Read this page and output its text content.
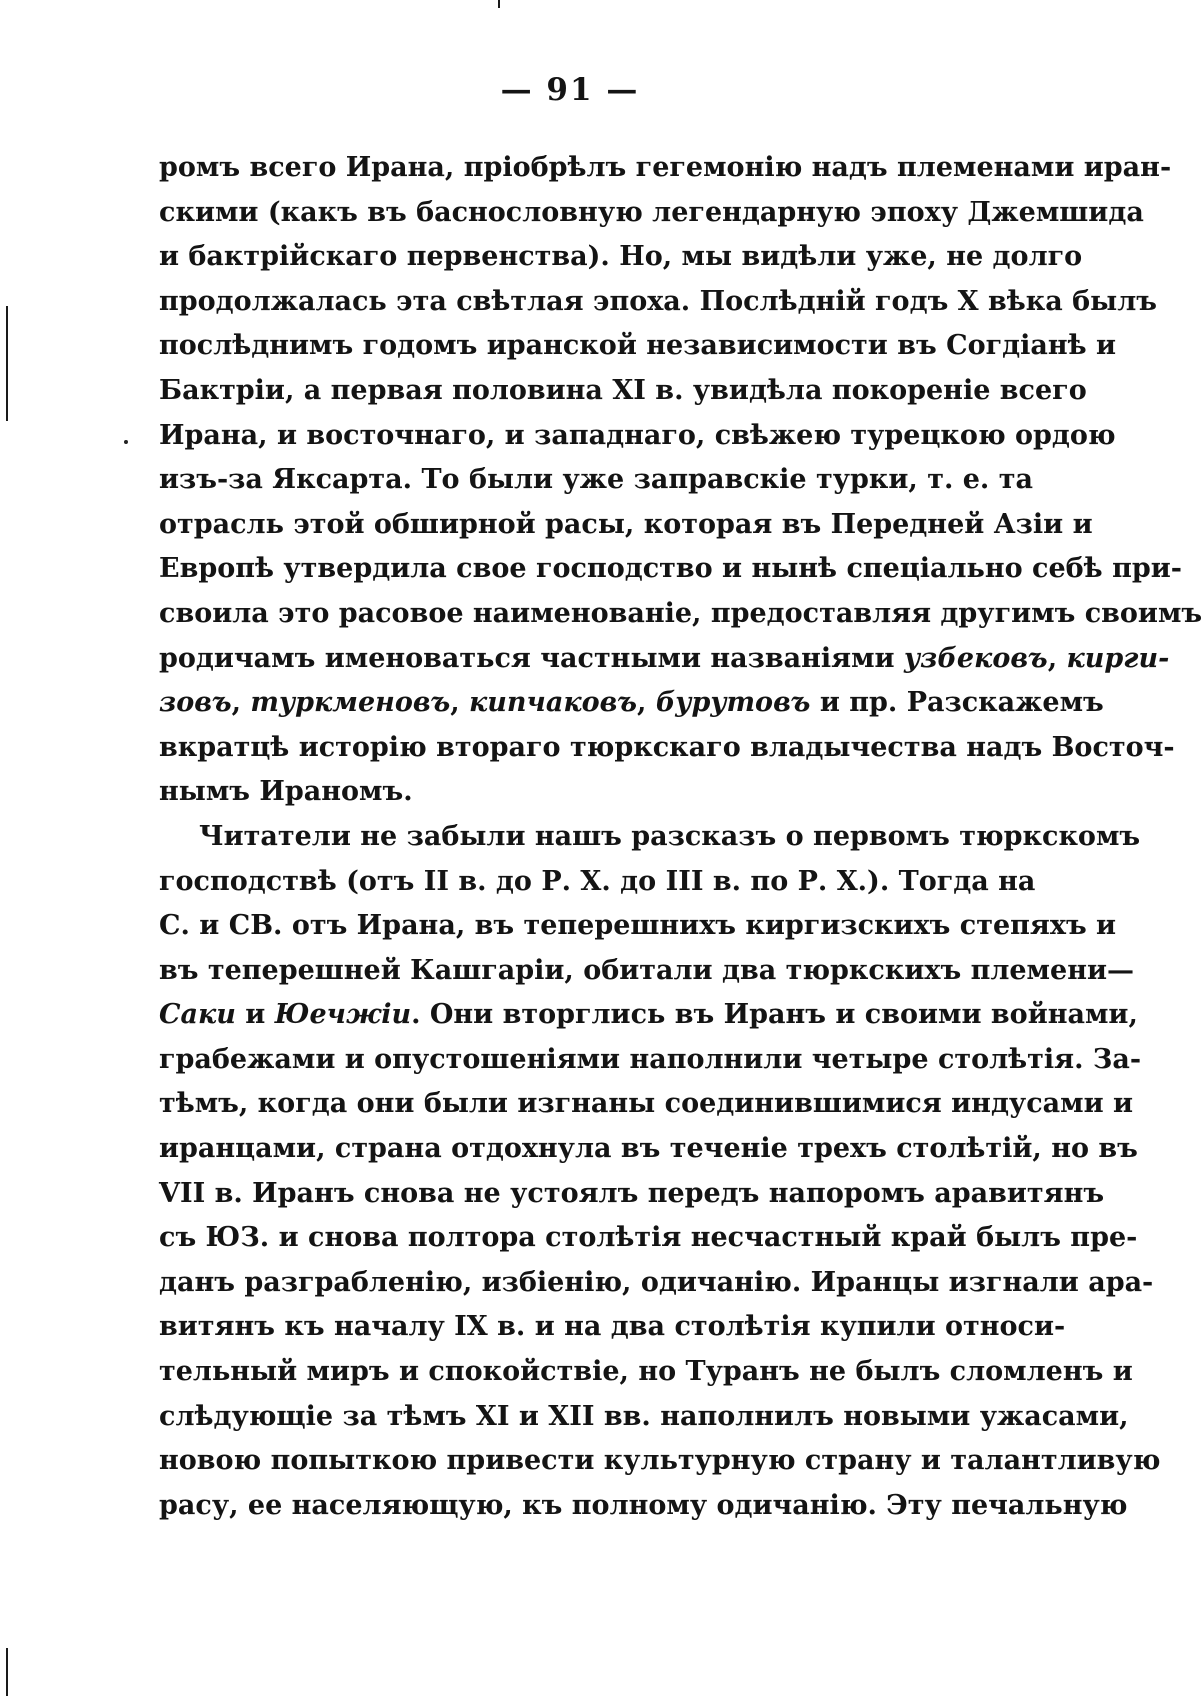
— 91 —
ромъ всего Ирана, пріобрѣлъ гегемонію надъ племенами иран-
скими (какъ въ баснословную легендарную эпоху Джемшида
и бактрійскаго первенства). Но, мы видѣли уже, не долго
продолжалась эта свѣтлая эпоха. Послѣдній годъ X вѣка былъ
послѣднимъ годомъ иранской независимости въ Согдіанѣ и
Бактріи, а первая половина XI в. увидѣла покореніе всего
Ирана, и восточнаго, и западнаго, свѣжею турецкою ордою
изъ-за Яксарта. То были уже заправскіе турки, т. е. та
отрасль этой обширной расы, которая въ Передней Азіи и
Европѣ утвердила свое господство и нынѣ спеціально себѣ при-
своила это расовое наименованіе, предоставляя другимъ своимъ
родичамъ именоваться частными названіями узбековъ, кирги-
зовъ, туркменовъ, кипчаковъ, бурутовъ и пр. Разскажемъ
вкратцѣ исторію втораго тюркскаго владычества надъ Восточ-
нымъ Ираномъ.
Читатели не забыли нашъ разсказъ о первомъ тюркскомъ
господствѣ (отъ II в. до Р. X. до III в. по Р. X.). Тогда на
С. и СВ. отъ Ирана, въ теперешнихъ киргизскихъ степяхъ и
въ теперешней Кашгаріи, обитали два тюркскихъ племени—
Саки и Юечжіи. Они вторглись въ Иранъ и своими войнами,
грабежами и опустошеніями наполнили четыре столѣтія. За-
тѣмъ, когда они были изгнаны соединившимися индусами и
иранцами, страна отдохнула въ теченіе трехъ столѣтій, но въ
VII в. Иранъ снова не устоялъ передъ напоромъ аравитянъ
съ ЮЗ. и снова полтора столѣтія несчастный край былъ пре-
данъ разграбленію, избіенію, одичанію. Иранцы изгнали ара-
витянъ къ началу IX в. и на два столѣтія купили относи-
тельный миръ и спокойствіе, но Туранъ не былъ сломленъ и
слѣдующіе за тѣмъ XI и XII вв. наполнилъ новыми ужасами,
новою попыткою привести культурную страну и талантливую
расу, ее населяющую, къ полному одичанію. Эту печальную
